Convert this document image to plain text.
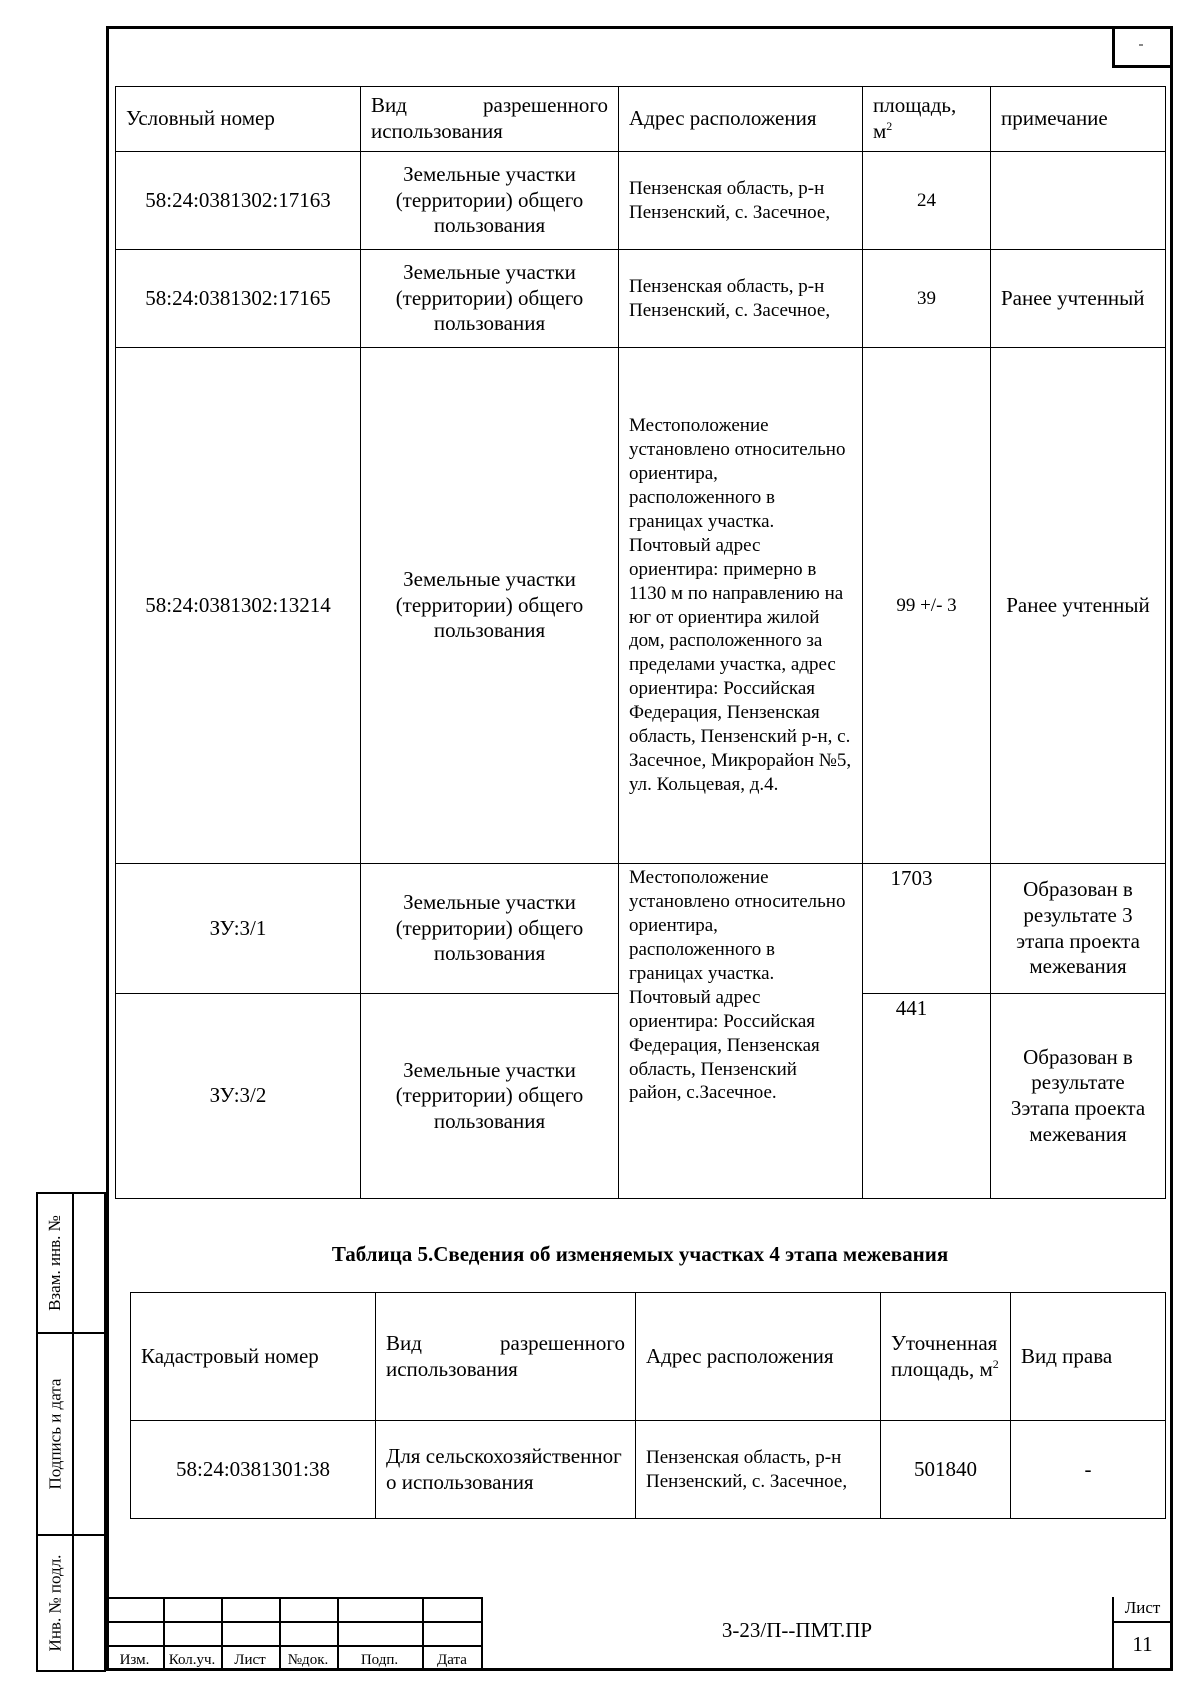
Взам. инв. №
Подпись и дата
Инв. № подл.
Условный номер	Вид разрешенного использования	Адрес расположения	площадь, $м^2$	примечание
58:24:0381302:17163	Земельные участки (территории) общего пользования	Пензенская область, р-н Пензенский, с. Засечное,	24	
58:24:0381302:17165	Земельные участки (территории) общего пользования	Пензенская область, р-н Пензенский, с. Засечное,	39	Ранее учтенный
58:24:0381302:13214	Земельные участки (территории) общего пользования	Местоположение установлено относительно ориентира, расположенного в границах участка. Почтовый адрес ориентира: примерно в 1130 м по направлению на юг от ориентира жилой дом, расположенного за пределами участка, адрес ориентира: Российская Федерация, Пензенская область, Пензенский р-н, с. Засечное, Микрорайон №5, ул. Кольцевая, д.4.	99 +/- 3	Ранее учтенный
ЗУ:3/1	Земельные участки (территории) общего пользования	Местоположение установлено относительно ориентира, расположенного в границах участка. Почтовый адрес ориентира: Российская Федерация, Пензенская область, Пензенский район, с.Засечное.	1703	Образован в результате 3 этапа проекта межевания
ЗУ:3/2	Земельные участки (территории) общего пользования		441	Образован в результате 3этапа проекта межевания
Таблица 5.Сведения об изменяемых участках 4 этапа межевания
Кадастровый номер	Вид разрешенного использования	Адрес расположения	Уточненная площадь, $м^2$	Вид права
58:24:0381301:38	Для сельскохозяйственного использования	Пензенская область, р-н Пензенский, с. Засечное,	501840	-
Изм.	Кол.уч.	Лист	№док.	Подп.	Дата
3-23/П--ПМТ.ПР
Лист
11
